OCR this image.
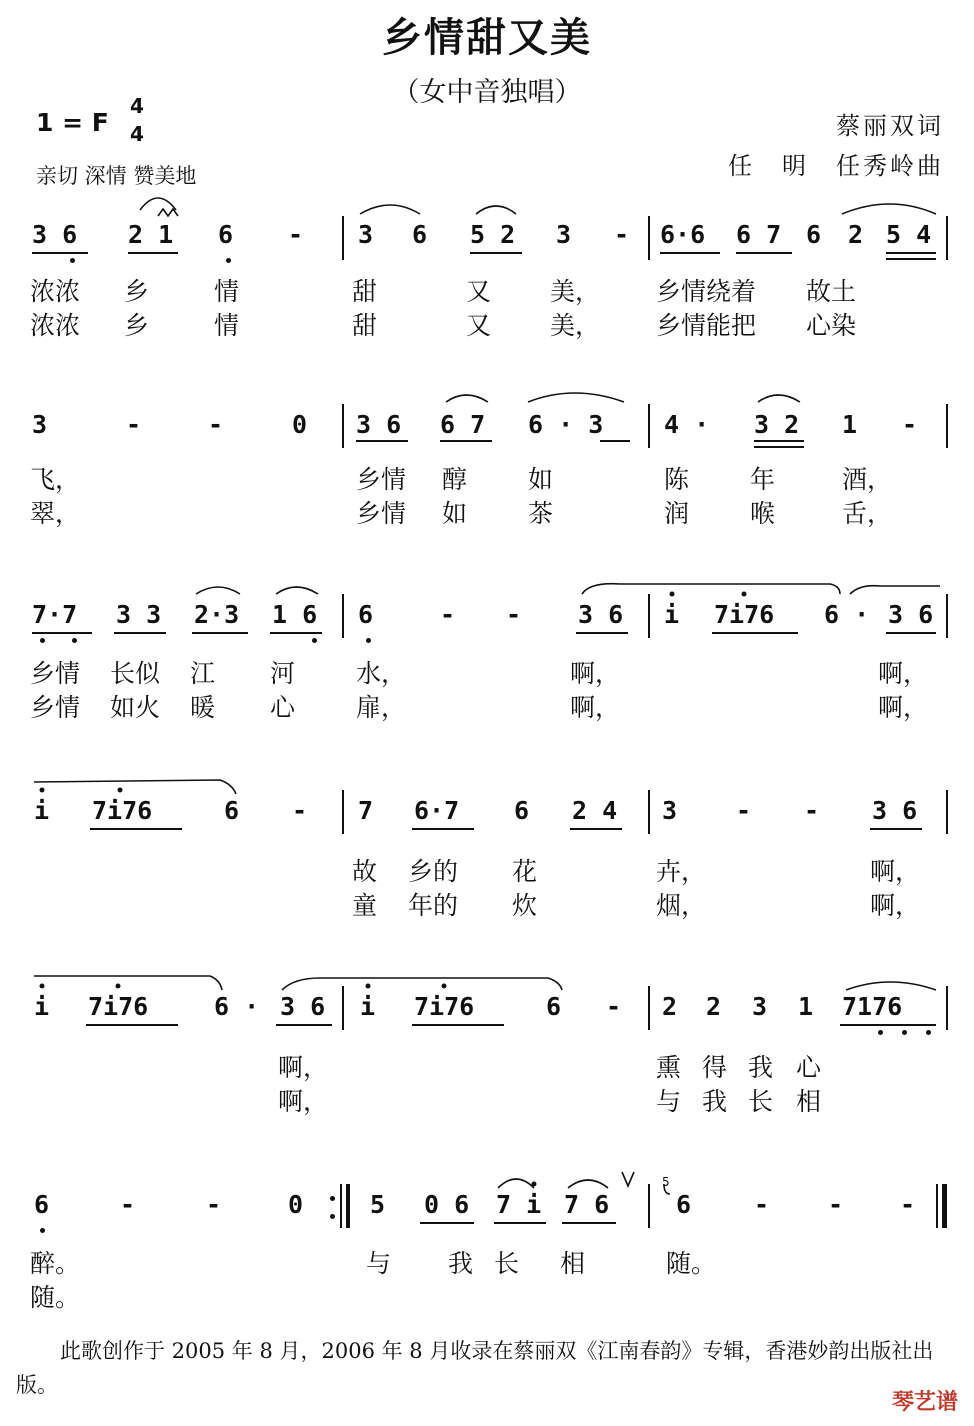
乡情甜又美
（女中音独唱）
1 = F
4
4	蔡丽双词
任　明　任秀岭曲
亲切 深情 赞美地
3 6 2 1 6 - 3 6 5 2 3 - 6·6 6 7 6 2 5 4
浓浓 乡	情	甜	又 美， 乡情绕着 故土
浓浓 乡	情	甜	又 美， 乡情能把 心染
3	-	-	0 3 6 6 7 6 · 3 4 · 3 2 1 -
飞，	乡情 醇 如	陈 年	酒，
翠，	乡情 如 茶	润 喉	舌，
7·7 3 3 2·3 1 6 6	- - 3 6 i 7i76 6 · 3 6
乡情 长似 江 河 水，	啊，	啊，
乡情 如火 暖 心 扉，	啊，	啊，
i 7i76	6 - 7 6·7 6 2 4 3 - - 3 6
故 乡的 花	卉，	啊，
童 年的 炊	烟，	啊，
i 7i76	6 · 3 6 i 7i76	6 - 2 2 3 1 7176
啊，	熏 得 我 心
啊，	与 我 长 相
6	-	-	0	5 0 6 7 i 7 6	6	- - -
醉。	与 我 长 相	随。
随。
5
此歌创作于 2005 年 8 月，2006 年 8 月收录在蔡丽双《江南春韵》专辑，香港妙韵出版社出版。
琴艺谱
